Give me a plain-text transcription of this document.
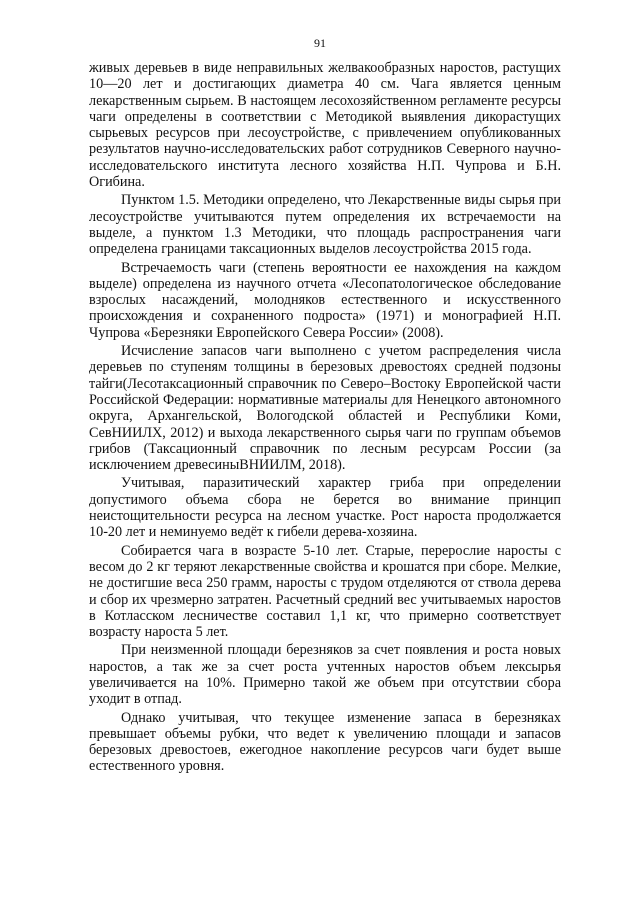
91

живых деревьев в виде неправильных желвакообразных наростов, растущих 10—20 лет и достигающих диаметра 40 см. Чага является ценным лекарственным сырьем. В настоящем лесохозяйственном регламенте ресурсы чаги определены в соответствии с Методикой выявления дикорастущих сырьевых ресурсов при лесоустройстве, с привлечением опубликованных результатов научно-исследовательских работ сотрудников Северного научно-исследовательского института лесного хозяйства Н.П. Чупрова и Б.Н. Огибина.

Пунктом 1.5. Методики определено, что Лекарственные виды сырья при лесоустройстве учитываются путем определения их встречаемости на выделе, а пунктом 1.3 Методики, что площадь распространения чаги определена границами таксационных выделов лесоустройства 2015 года.

Встречаемость чаги (степень вероятности ее нахождения на каждом выделе) определена из научного отчета «Лесопатологическое обследование взрослых насаждений, молодняков естественного и искусственного происхождения и сохраненного подроста» (1971) и монографией Н.П. Чупрова «Березняки Европейского Севера России» (2008).

Исчисление запасов чаги выполнено с учетом распределения числа деревьев по ступеням толщины в березовых древостоях средней подзоны тайги(Лесотаксационный справочник по Северо–Востоку Европейской части Российской Федерации: нормативные материалы для Ненецкого автономного округа, Архангельской, Вологодской областей и Республики Коми, СевНИИЛХ, 2012) и выхода лекарственного сырья чаги по группам объемов грибов (Таксационный справочник по лесным ресурсам России (за исключением древесиныВНИИЛМ, 2018).

Учитывая, паразитический характер гриба при определении допустимого объема сбора не берется во внимание принцип неистощительности ресурса на лесном участке. Рост нароста продолжается 10-20 лет и неминуемо ведёт к гибели дерева-хозяина.

Собирается чага в возрасте 5-10 лет. Старые, перерослие наросты с весом до 2 кг теряют лекарственные свойства и крошатся при сборе. Мелкие, не достигшие веса 250 грамм, наросты с трудом отделяются от ствола дерева и сбор их чрезмерно затратен. Расчетный средний вес учитываемых наростов в Котласском лесничестве составил 1,1 кг, что примерно соответствует возрасту нароста 5 лет.

При неизменной площади березняков за счет появления и роста новых наростов, а так же за счет роста учтенных наростов объем лексырья увеличивается на 10%. Примерно такой же объем при отсутствии сбора уходит в отпад.

Однако учитывая, что текущее изменение запаса в березняках превышает объемы рубки, что ведет к увеличению площади и запасов березовых древостоев, ежегодное накопление ресурсов чаги будет выше естественного уровня.
